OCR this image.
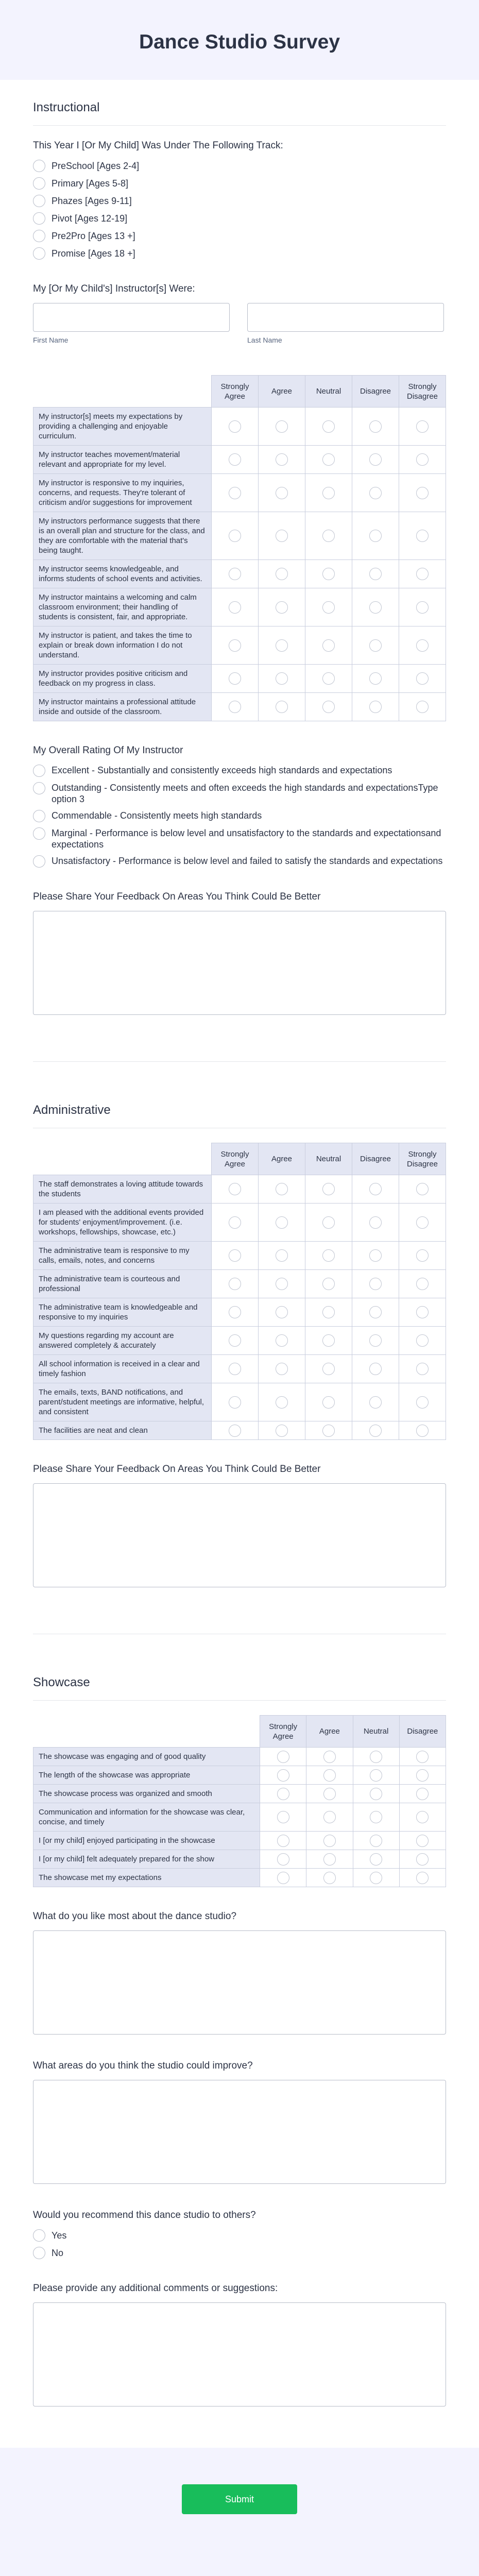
Dance Studio Survey
Instructional
This Year I [Or My Child] Was Under The Following Track:
PreSchool [Ages 2-4]
Primary [Ages 5-8]
Phazes [Ages 9-11]
Pivot [Ages 12-19]
Pre2Pro [Ages 13 +]
Promise [Ages 18 +]
My [Or My Child's] Instructor[s] Were:
First Name	Last Name
	Strongly Agree	Agree	Neutral	Disagree	Strongly Disagree
My instructor[s] meets my expectations by providing a challenging and enjoyable curriculum.					
My instructor teaches movement/material relevant and appropriate for my level.					
My instructor is responsive to my inquiries, concerns, and requests. They're tolerant of criticism and/or suggestions for improvement					
My instructors performance suggests that there is an overall plan and structure for the class, and they are comfortable with the material that's being taught.					
My instructor seems knowledgeable, and informs students of school events and activities.					
My instructor maintains a welcoming and calm classroom environment; their handling of students is consistent, fair, and appropriate.					
My instructor is patient, and takes the time to explain or break down information I do not understand.					
My instructor provides positive criticism and feedback on my progress in class.					
My instructor maintains a professional attitude inside and outside of the classroom.					
My Overall Rating Of My Instructor
Excellent - Substantially and consistently exceeds high standards and expectations
Outstanding - Consistently meets and often exceeds the high standards and expectationsType option 3
Commendable - Consistently meets high standards
Marginal - Performance is below level and unsatisfactory to the standards and expectationsand expectations
Unsatisfactory - Performance is below level and failed to satisfy the standards and expectations
Please Share Your Feedback On Areas You Think Could Be Better
Administrative
	Strongly Agree	Agree	Neutral	Disagree	Strongly Disagree
The staff demonstrates a loving attitude towards the students					
I am pleased with the additional events provided for students' enjoyment/improvement. (i.e. workshops, fellowships, showcase, etc.)					
The administrative team is responsive to my calls, emails, notes, and concerns					
The administrative team is courteous and professional					
The administrative team is knowledgeable and responsive to my inquiries					
My questions regarding my account are answered completely & accurately					
All school information is received in a clear and timely fashion					
The emails, texts, BAND notifications, and parent/student meetings are informative, helpful, and consistent					
The facilities are neat and clean					
Please Share Your Feedback On Areas You Think Could Be Better
Showcase
	Strongly Agree	Agree	Neutral	Disagree
The showcase was engaging and of good quality				
The length of the showcase was appropriate				
The showcase process was organized and smooth				
Communication and information for the showcase was clear, concise, and timely				
I [or my child] enjoyed participating in the showcase				
I [or my child] felt adequately prepared for the show				
The showcase met my expectations				
What do you like most about the dance studio?
What areas do you think the studio could improve?
Would you recommend this dance studio to others?
Yes
No
Please provide any additional comments or suggestions:
Submit
